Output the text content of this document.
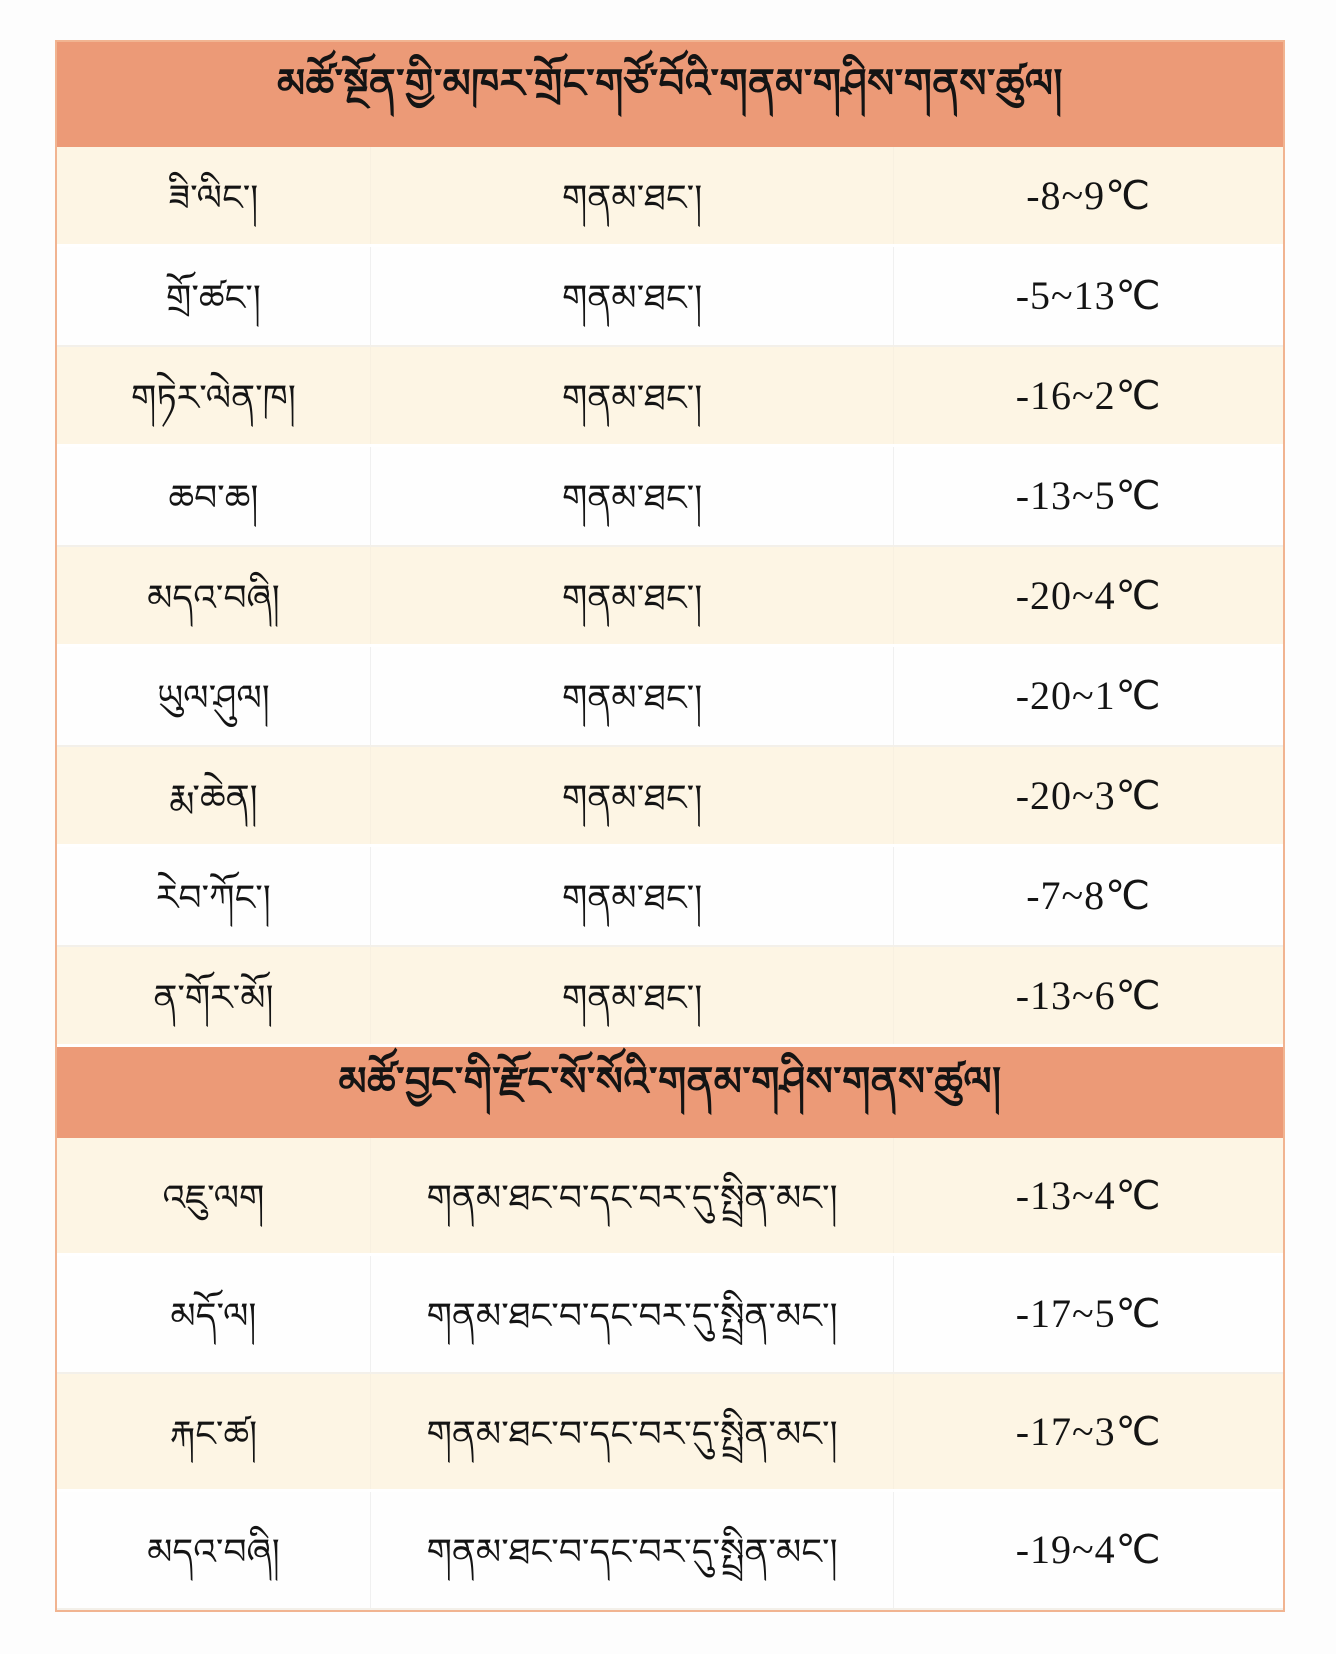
མཚོ་སྔོན་གྱི་མཁར་གྲོང་གཙོ་བོའི་གནམ་གཤིས་གནས་ཚུལ།
ཟི་ལིང་།	གནམ་ཐང་།	-8~9℃
གྲོ་ཚང་།	གནམ་ཐང་།	-5~13℃
གཏེར་ལེན་ཁ།	གནམ་ཐང་།	-16~2℃
ཆབ་ཆ།	གནམ་ཐང་།	-13~5℃
མདའ་བཞི།	གནམ་ཐང་།	-20~4℃
ཡུལ་ཤུལ།	གནམ་ཐང་།	-20~1℃
རྨ་ཆེན།	གནམ་ཐང་།	-20~3℃
རེབ་ཀོང་།	གནམ་ཐང་།	-7~8℃
ན་གོར་མོ།	གནམ་ཐང་།	-13~6℃
མཚོ་བྱང་གི་རྫོང་སོ་སོའི་གནམ་གཤིས་གནས་ཚུལ།
འཇུ་ལག	གནམ་ཐང་བ་དང་བར་དུ་སྤྲིན་མང་།	-13~4℃
མདོ་ལ།	གནམ་ཐང་བ་དང་བར་དུ་སྤྲིན་མང་།	-17~5℃
རྐང་ཚ།	གནམ་ཐང་བ་དང་བར་དུ་སྤྲིན་མང་།	-17~3℃
མདའ་བཞི།	གནམ་ཐང་བ་དང་བར་དུ་སྤྲིན་མང་།	-19~4℃
